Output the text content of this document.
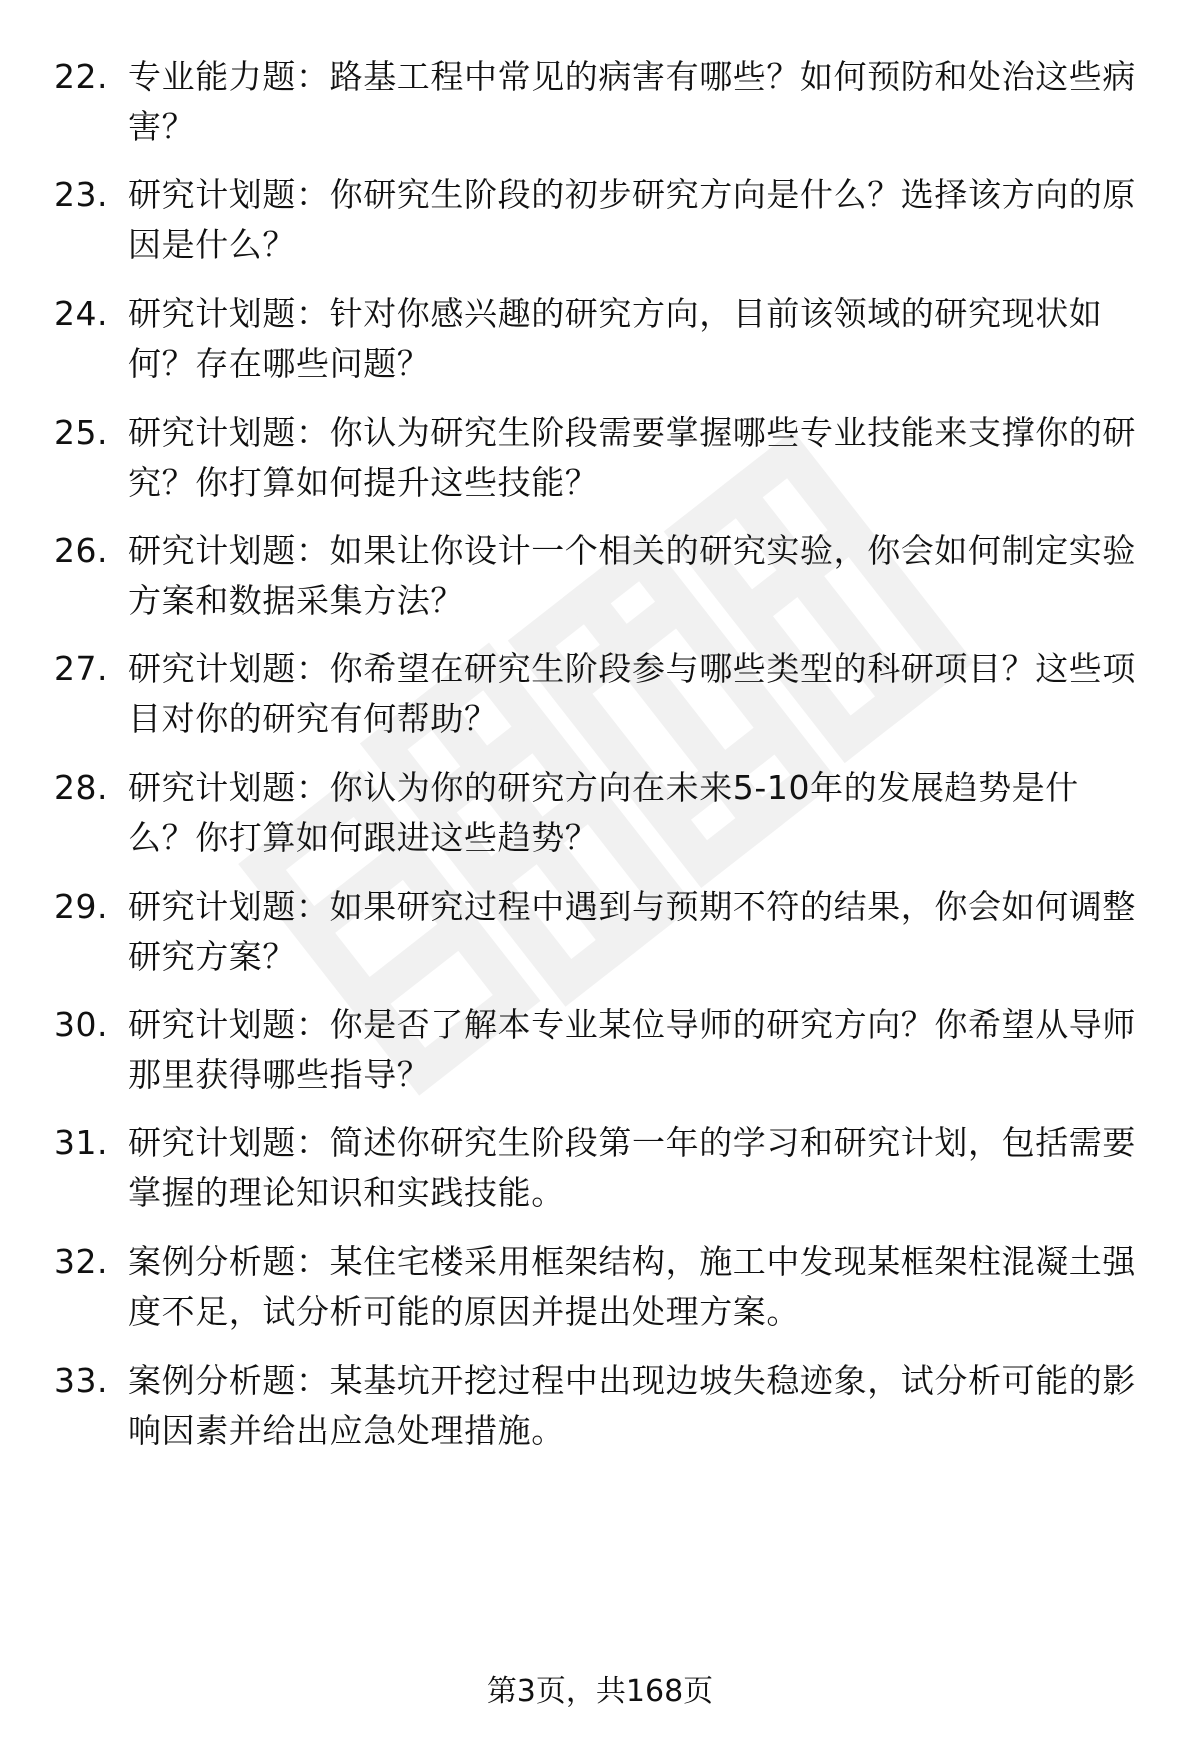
22. 专业能力题：路基工程中常见的病害有哪些？如何预防和处治这些病害？
23. 研究计划题：你研究生阶段的初步研究方向是什么？选择该方向的原因是什么？
24. 研究计划题：针对你感兴趣的研究方向，目前该领域的研究现状如何？存在哪些问题？
25. 研究计划题：你认为研究生阶段需要掌握哪些专业技能来支撑你的研究？你打算如何提升这些技能？
26. 研究计划题：如果让你设计一个相关的研究实验，你会如何制定实验方案和数据采集方法？
27. 研究计划题：你希望在研究生阶段参与哪些类型的科研项目？这些项目对你的研究有何帮助？
28. 研究计划题：你认为你的研究方向在未来5-10年的发展趋势是什么？你打算如何跟进这些趋势？
29. 研究计划题：如果研究过程中遇到与预期不符的结果，你会如何调整研究方案？
30. 研究计划题：你是否了解本专业某位导师的研究方向？你希望从导师那里获得哪些指导？
31. 研究计划题：简述你研究生阶段第一年的学习和研究计划，包括需要掌握的理论知识和实践技能。
32. 案例分析题：某住宅楼采用框架结构，施工中发现某框架柱混凝土强度不足，试分析可能的原因并提出处理方案。
33. 案例分析题：某基坑开挖过程中出现边坡失稳迹象，试分析可能的影响因素并给出应急处理措施。
第3页，共168页
